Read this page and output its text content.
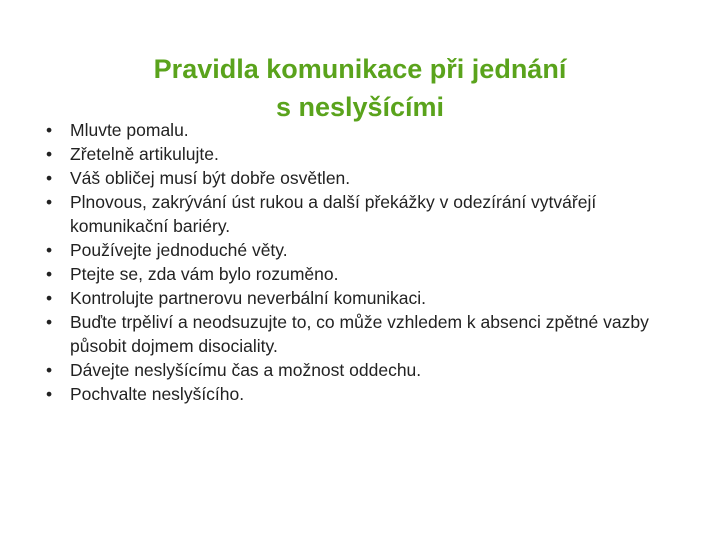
Pravidla komunikace při jednání
s neslyšícími
•	Mluvte pomalu.
•	Zřetelně artikulujte.
•	Váš obličej musí být dobře osvětlen.
•	Plnovous, zakrývání úst rukou a další překážky v odezírání vytvářejí komunikační bariéry.
•	Používejte jednoduché věty.
•	Ptejte se, zda vám bylo rozuměno.
•	Kontrolujte partnerovu neverbální komunikaci.
•	Buďte trpěliví a neodsuzujte to, co může vzhledem k absenci zpětné vazby působit dojmem disociality.
•	Dávejte neslyšícímu čas a možnost oddechu.
•	Pochvalte neslyšícího.
